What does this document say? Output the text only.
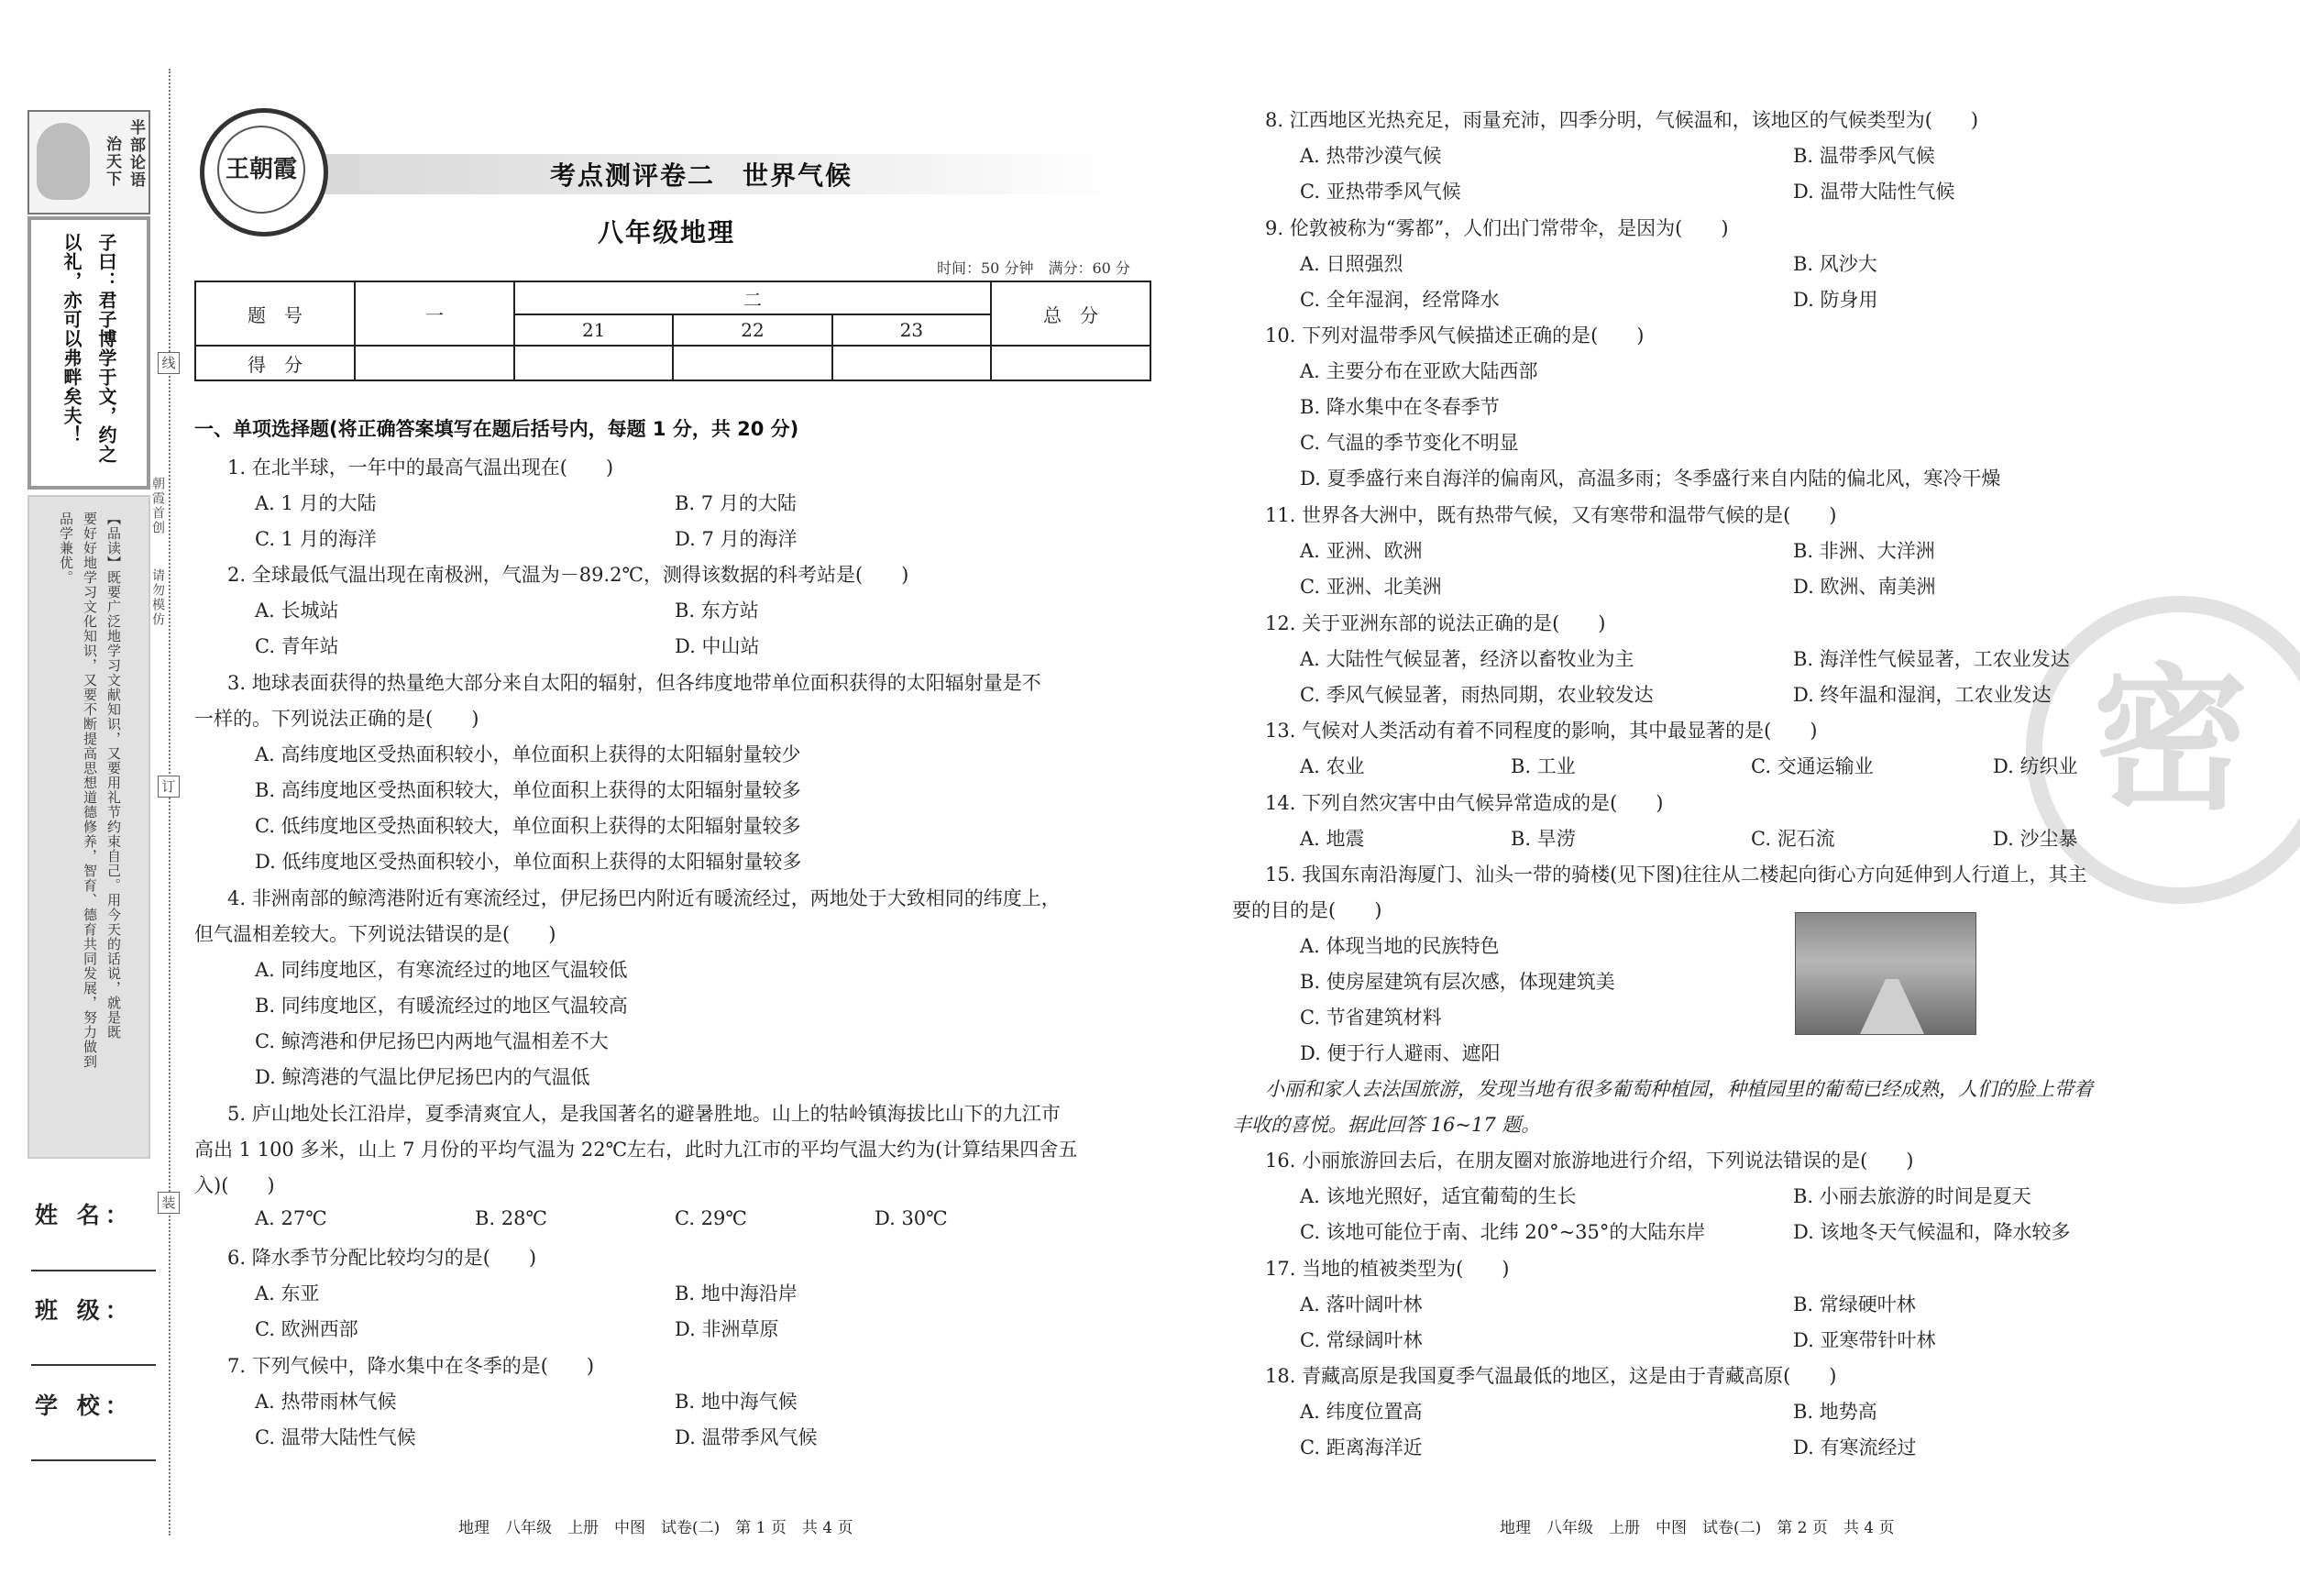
半部论语
治天下
子曰：君子博学于文，约之
以礼，亦可以弗畔矣夫！
【品读】既要广泛地学习文献知识，又要用礼节约束自己。用今天的话说，就是既
要好好地学习文化知识，又要不断提高思想道德修养，智育、德育共同发展，努力做到
品学兼优。
姓 名：
班 级：
学 校：
线
订
装
朝霞首创
请勿模仿
王朝霞	考点测评卷二　世界气候
八年级地理
时间：50 分钟　满分：60 分
题　号	一	二			总　分
		21	22	23	
得　分					
一、单项选择题(将正确答案填写在题后括号内，每题 1 分，共 20 分)
1. 在北半球，一年中的最高气温出现在(　　)
A. 1 月的大陆	B. 7 月的大陆
C. 1 月的海洋	D. 7 月的海洋
2. 全球最低气温出现在南极洲，气温为－89.2℃，测得该数据的科考站是(　　)
A. 长城站	B. 东方站
C. 青年站	D. 中山站
3. 地球表面获得的热量绝大部分来自太阳的辐射，但各纬度地带单位面积获得的太阳辐射量是不
一样的。下列说法正确的是(　　)
A. 高纬度地区受热面积较小，单位面积上获得的太阳辐射量较少
B. 高纬度地区受热面积较大，单位面积上获得的太阳辐射量较多
C. 低纬度地区受热面积较大，单位面积上获得的太阳辐射量较多
D. 低纬度地区受热面积较小，单位面积上获得的太阳辐射量较多
4. 非洲南部的鲸湾港附近有寒流经过，伊尼扬巴内附近有暖流经过，两地处于大致相同的纬度上，
但气温相差较大。下列说法错误的是(　　)
A. 同纬度地区，有寒流经过的地区气温较低
B. 同纬度地区，有暖流经过的地区气温较高
C. 鲸湾港和伊尼扬巴内两地气温相差不大
D. 鲸湾港的气温比伊尼扬巴内的气温低
5. 庐山地处长江沿岸，夏季清爽宜人，是我国著名的避暑胜地。山上的牯岭镇海拔比山下的九江市
高出 1 100 多米，山上 7 月份的平均气温为 22℃左右，此时九江市的平均气温大约为(计算结果四舍五
入)(　　)
A. 27℃	B. 28℃	C. 29℃	D. 30℃
6. 降水季节分配比较均匀的是(　　)
A. 东亚	B. 地中海沿岸
C. 欧洲西部	D. 非洲草原
7. 下列气候中，降水集中在冬季的是(　　)
A. 热带雨林气候	B. 地中海气候
C. 温带大陆性气候	D. 温带季风气候
地理　八年级　上册　中图　试卷(二)　第 1 页　共 4 页
密
8. 江西地区光热充足，雨量充沛，四季分明，气候温和，该地区的气候类型为(　　)
A. 热带沙漠气候	B. 温带季风气候
C. 亚热带季风气候	D. 温带大陆性气候
9. 伦敦被称为“雾都”，人们出门常带伞，是因为(　　)
A. 日照强烈	B. 风沙大
C. 全年湿润，经常降水	D. 防身用
10. 下列对温带季风气候描述正确的是(　　)
A. 主要分布在亚欧大陆西部
B. 降水集中在冬春季节
C. 气温的季节变化不明显
D. 夏季盛行来自海洋的偏南风，高温多雨；冬季盛行来自内陆的偏北风，寒冷干燥
11. 世界各大洲中，既有热带气候，又有寒带和温带气候的是(　　)
A. 亚洲、欧洲	B. 非洲、大洋洲
C. 亚洲、北美洲	D. 欧洲、南美洲
12. 关于亚洲东部的说法正确的是(　　)
A. 大陆性气候显著，经济以畜牧业为主	B. 海洋性气候显著，工农业发达
C. 季风气候显著，雨热同期，农业较发达	D. 终年温和湿润，工农业发达
13. 气候对人类活动有着不同程度的影响，其中最显著的是(　　)
A. 农业	B. 工业	C. 交通运输业	D. 纺织业
14. 下列自然灾害中由气候异常造成的是(　　)
A. 地震	B. 旱涝	C. 泥石流	D. 沙尘暴
15. 我国东南沿海厦门、汕头一带的骑楼(见下图)往往从二楼起向街心方向延伸到人行道上，其主
要的目的是(　　)
A. 体现当地的民族特色
B. 使房屋建筑有层次感，体现建筑美
C. 节省建筑材料
D. 便于行人避雨、遮阳
小丽和家人去法国旅游，发现当地有很多葡萄种植园，种植园里的葡萄已经成熟，人们的脸上带着
丰收的喜悦。据此回答 16~17 题。
16. 小丽旅游回去后，在朋友圈对旅游地进行介绍，下列说法错误的是(　　)
A. 该地光照好，适宜葡萄的生长	B. 小丽去旅游的时间是夏天
C. 该地可能位于南、北纬 20°~35°的大陆东岸	D. 该地冬天气候温和，降水较多
17. 当地的植被类型为(　　)
A. 落叶阔叶林	B. 常绿硬叶林
C. 常绿阔叶林	D. 亚寒带针叶林
18. 青藏高原是我国夏季气温最低的地区，这是由于青藏高原(　　)
A. 纬度位置高	B. 地势高
C. 距离海洋近	D. 有寒流经过
地理　八年级　上册　中图　试卷(二)　第 2 页　共 4 页
